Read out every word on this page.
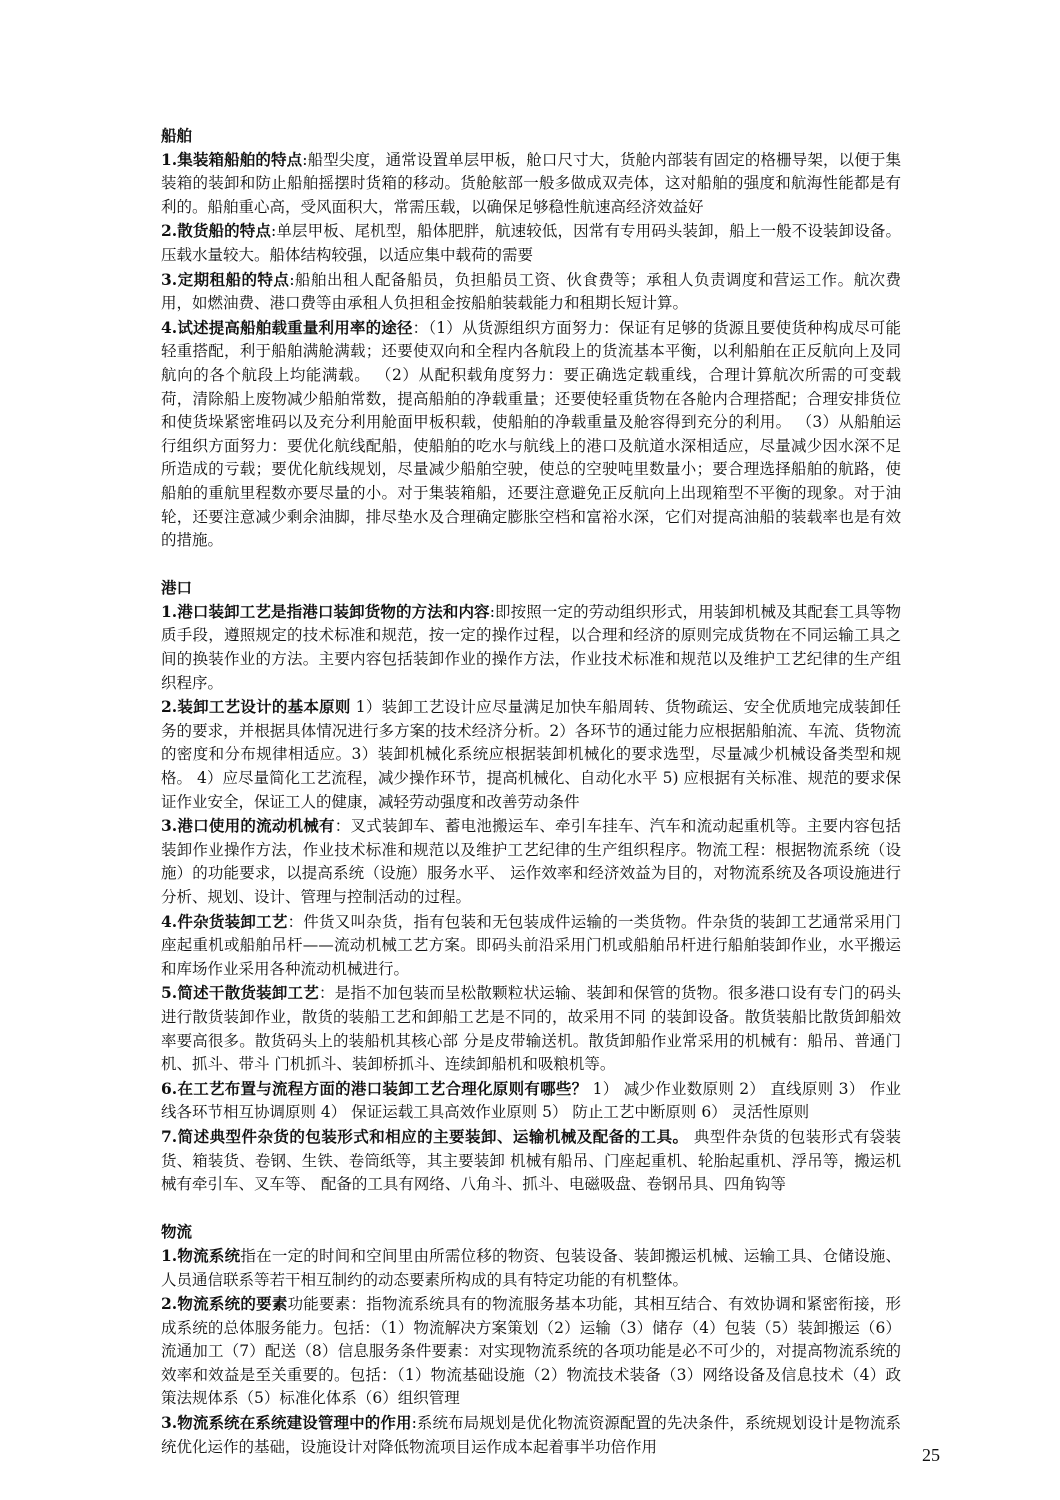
船舶

1.集装箱船舶的特点:船型尖度，通常设置单层甲板，舱口尺寸大，货舱内部装有固定的格栅导架，以便于集装箱的装卸和防止船舶摇摆时货箱的移动。货舱舷部一般多做成双壳体，这对船舶的强度和航海性能都是有利的。船舶重心高，受风面积大，常需压载，以确保足够稳性航速高经济效益好

2.散货船的特点:单层甲板、尾机型，船体肥胖，航速较低，因常有专用码头装卸，船上一般不设装卸设备。压载水量较大。船体结构较强，以适应集中载荷的需要

3.定期租船的特点:船舶出租人配备船员，负担船员工资、伙食费等；承租人负责调度和营运工作。航次费用，如燃油费、港口费等由承租人负担租金按船舶装载能力和租期长短计算。

4.试述提高船舶载重量利用率的途径：（1）从货源组织方面努力：保证有足够的货源且要使货种构成尽可能轻重搭配，利于船舶满舱满载；还要使双向和全程内各航段上的货流基本平衡，以利船舶在正反航向上及同航向的各个航段上均能满载。 （2）从配积载角度努力：要正确选定载重线，合理计算航次所需的可变载荷，清除船上废物减少船舶常数，提高船舶的净载重量；还要使轻重货物在各舱内合理搭配；合理安排货位和使货垛紧密堆码以及充分利用舱面甲板积载，使船舶的净载重量及舱容得到充分的利用。 （3）从船舶运行组织方面努力：要优化航线配船，使船舶的吃水与航线上的港口及航道水深相适应，尽量减少因水深不足所造成的亏载；要优化航线规划，尽量减少船舶空驶，使总的空驶吨里数量小；要合理选择船舶的航路，使船舶的重航里程数亦要尽量的小。对于集装箱船，还要注意避免正反航向上出现箱型不平衡的现象。对于油轮，还要注意减少剩余油脚，排尽垫水及合理确定膨胀空档和富裕水深，它们对提高油船的装载率也是有效的措施。

港口

1.港口装卸工艺是指港口装卸货物的方法和内容:即按照一定的劳动组织形式，用装卸机械及其配套工具等物质手段，遵照规定的技术标准和规范，按一定的操作过程，以合理和经济的原则完成货物在不同运输工具之间的换装作业的方法。主要内容包括装卸作业的操作方法，作业技术标准和规范以及维护工艺纪律的生产组织程序。

2.装卸工艺设计的基本原则 1）装卸工艺设计应尽量满足加快车船周转、货物疏运、安全优质地完成装卸任务的要求，并根据具体情况进行多方案的技术经济分析。2）各环节的通过能力应根据船舶流、车流、货物流的密度和分布规律相适应。3）装卸机械化系统应根据装卸机械化的要求选型，尽量减少机械设备类型和规格。 4）应尽量简化工艺流程，减少操作环节，提高机械化、自动化水平 5) 应根据有关标准、规范的要求保证作业安全，保证工人的健康，减轻劳动强度和改善劳动条件

3.港口使用的流动机械有：叉式装卸车、蓄电池搬运车、牵引车挂车、汽车和流动起重机等。主要内容包括装卸作业操作方法，作业技术标准和规范以及维护工艺纪律的生产组织程序。物流工程：根据物流系统（设施）的功能要求，以提高系统（设施）服务水平、 运作效率和经济效益为目的，对物流系统及各项设施进行分析、规划、设计、管理与控制活动的过程。

4.件杂货装卸工艺：件货又叫杂货，指有包装和无包装成件运输的一类货物。件杂货的装卸工艺通常采用门座起重机或船舶吊杆——流动机械工艺方案。即码头前沿采用门机或船舶吊杆进行船舶装卸作业，水平搬运和库场作业采用各种流动机械进行。

5.简述干散货装卸工艺：是指不加包装而呈松散颗粒状运输、装卸和保管的货物。很多港口设有专门的码头进行散货装卸作业，散货的装船工艺和卸船工艺是不同的，故采用不同 的装卸设备。散货装船比散货卸船效率要高很多。散货码头上的装船机其核心部 分是皮带输送机。散货卸船作业常采用的机械有：船吊、普通门机、抓斗、带斗 门机抓斗、装卸桥抓斗、连续卸船机和吸粮机等。

6.在工艺布置与流程方面的港口装卸工艺合理化原则有哪些？ 1） 减少作业数原则 2） 直线原则 3） 作业线各环节相互协调原则 4） 保证运载工具高效作业原则 5） 防止工艺中断原则 6） 灵活性原则

7.简述典型件杂货的包装形式和相应的主要装卸、运输机械及配备的工具。 典型件杂货的包装形式有袋装货、箱装货、卷钢、生铁、卷筒纸等，其主要装卸 机械有船吊、门座起重机、轮胎起重机、浮吊等，搬运机械有牵引车、叉车等、 配备的工具有网络、八角斗、抓斗、电磁吸盘、卷钢吊具、四角钩等

物流

1.物流系统指在一定的时间和空间里由所需位移的物资、包装设备、装卸搬运机械、运输工具、仓储设施、人员通信联系等若干相互制约的动态要素所构成的具有特定功能的有机整体。

2.物流系统的要素功能要素：指物流系统具有的物流服务基本功能，其相互结合、有效协调和紧密衔接，形成系统的总体服务能力。包括：（1）物流解决方案策划（2）运输（3）储存（4）包装（5）装卸搬运（6）流通加工（7）配送（8）信息服务条件要素：对实现物流系统的各项功能是必不可少的，对提高物流系统的效率和效益是至关重要的。包括：（1）物流基础设施（2）物流技术装备（3）网络设备及信息技术（4）政策法规体系（5）标准化体系（6）组织管理

3.物流系统在系统建设管理中的作用:系统布局规划是优化物流资源配置的先决条件，系统规划设计是物流系统优化运作的基础，设施设计对降低物流项目运作成本起着事半功倍作用	25
